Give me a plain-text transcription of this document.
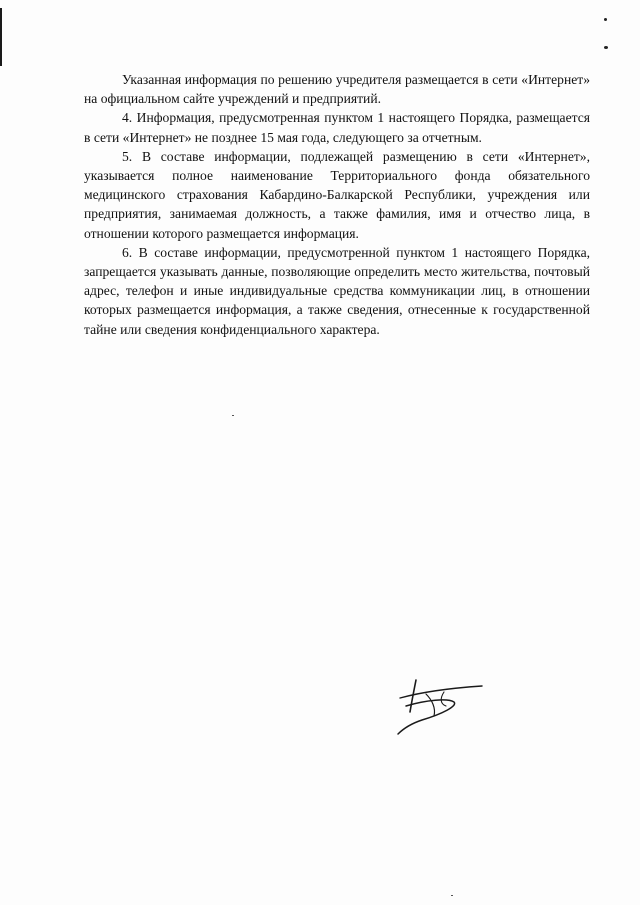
Указанная информация по решению учредителя размещается в сети «Интернет» на официальном сайте учреждений и предприятий.

4. Информация, предусмотренная пунктом 1 настоящего Порядка, размещается в сети «Интернет» не позднее 15 мая года, следующего за отчетным.

5. В составе информации, подлежащей размещению в сети «Интернет», указывается полное наименование Территориального фонда обязательного медицинского страхования Кабардино-Балкарской Республики, учреждения или предприятия, занимаемая должность, а также фамилия, имя и отчество лица, в отношении которого размещается информация.

6. В составе информации, предусмотренной пунктом 1 настоящего Порядка, запрещается указывать данные, позволяющие определить место жительства, почтовый адрес, телефон и иные индивидуальные средства коммуникации лиц, в отношении которых размещается информация, а также сведения, отнесенные к государственной тайне или сведения конфиденциального характера.
